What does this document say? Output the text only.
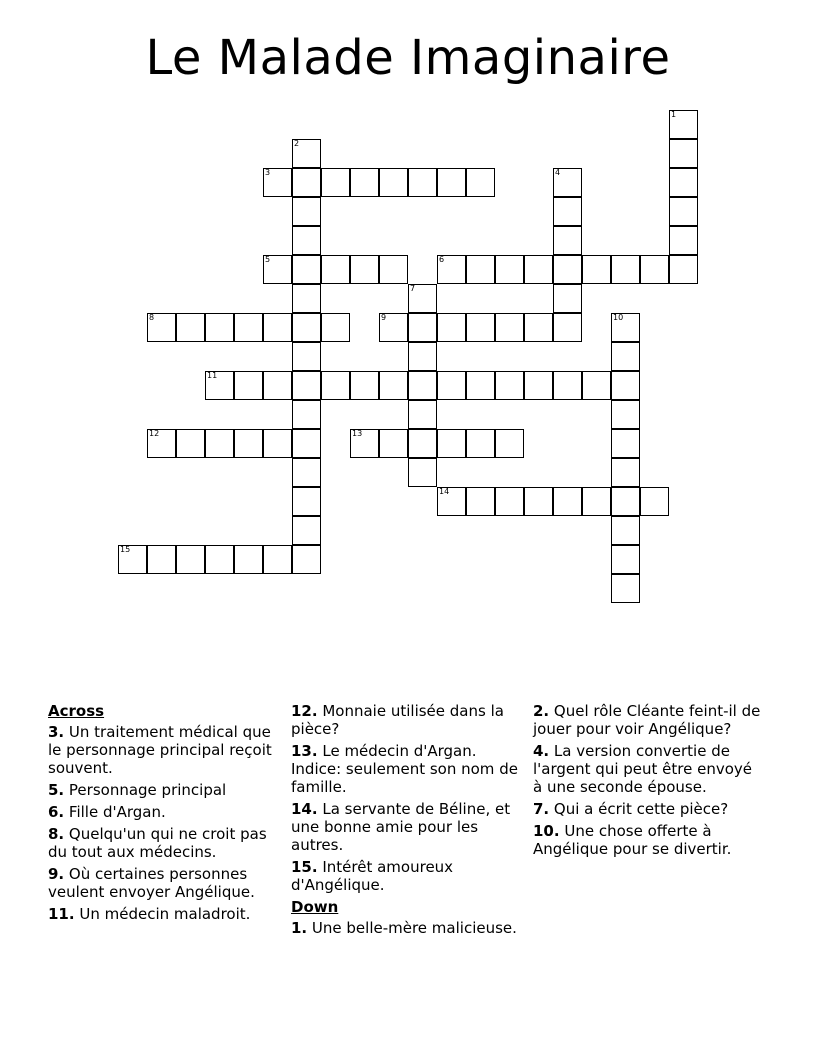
Le Malade Imaginaire
3
5	6
8	9
11
12	13
14
15
1
2
4
7
10
Across
3. Un traitement médical que le personnage principal reçoit souvent.
5. Personnage principal
6. Fille d'Argan.
8. Quelqu'un qui ne croit pas du tout aux médecins.
9. Où certaines personnes veulent envoyer Angélique.
11. Un médecin maladroit.
12. Monnaie utilisée dans la pièce?
13. Le médecin d'Argan. Indice: seulement son nom de famille.
14. La servante de Béline, et une bonne amie pour les autres.
15. Intérêt amoureux d'Angélique.
Down
1. Une belle-mère malicieuse.
2. Quel rôle Cléante feint-il de jouer pour voir Angélique?
4. La version convertie de l'argent qui peut être envoyé à une seconde épouse.
7. Qui a écrit cette pièce?
10. Une chose offerte à Angélique pour se divertir.
